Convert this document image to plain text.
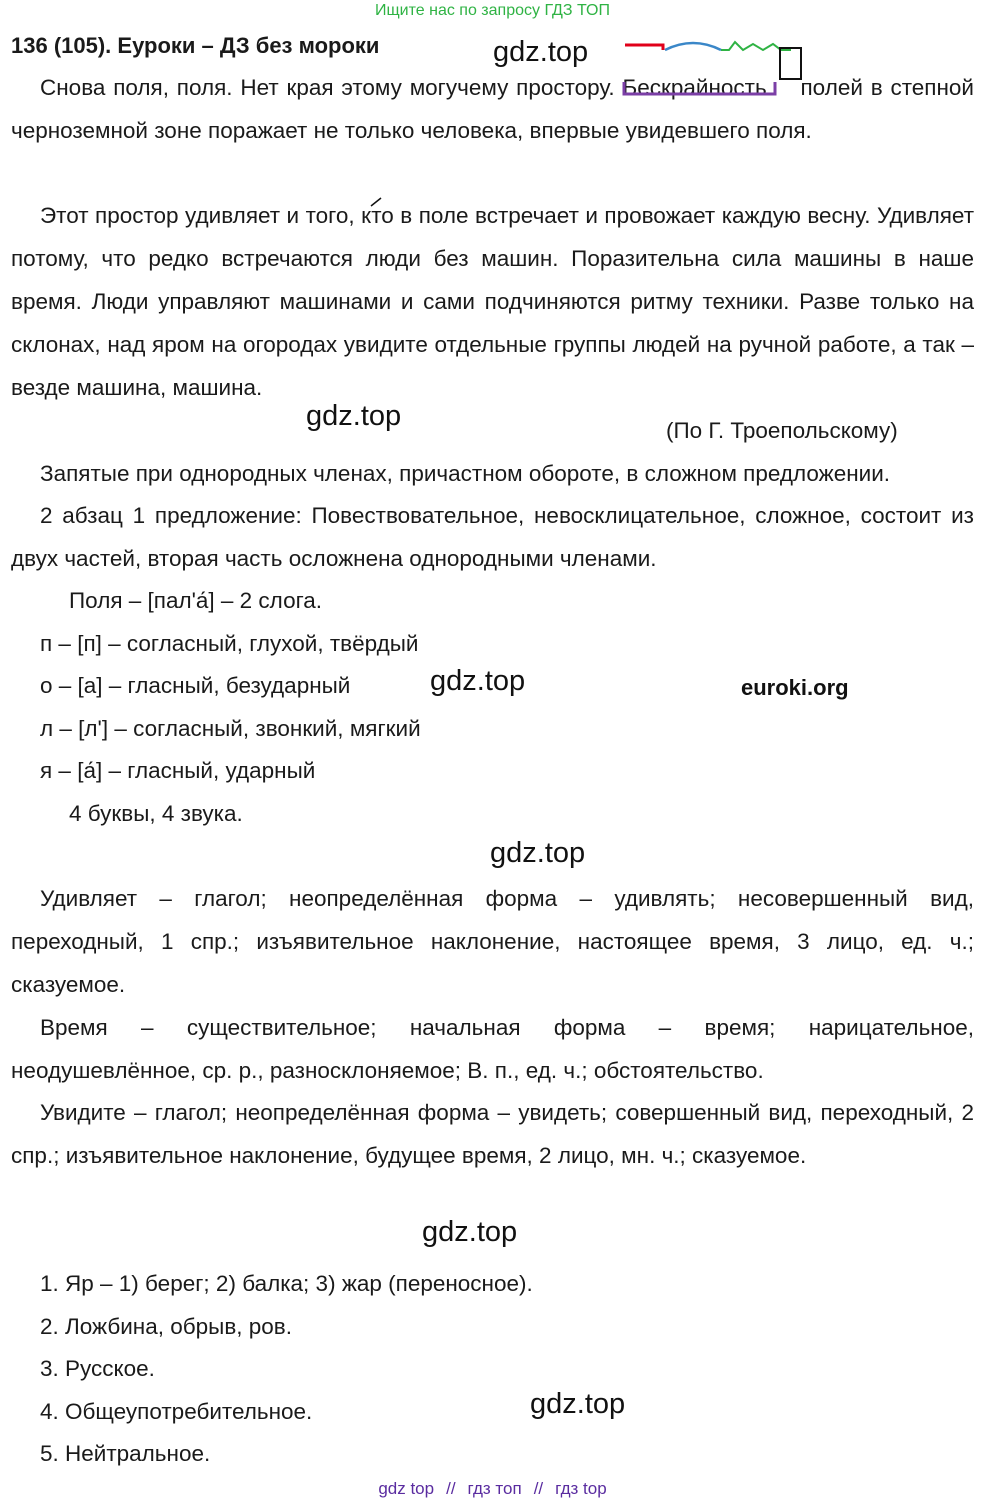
Ищите нас по запросу ГДЗ ТОП
136 (105). Еуроки – ДЗ без мороки	gdz.top
Снова поля, поля. Нет края этому могучему простору. Бескрайность
полей в степной черноземной зоне поражает не только человека, впервые увидевшего поля.
Этот простор удивляет и того, кто в поле встречает и провожает каждую весну. Удивляет потому, что редко встречаются люди без машин. Поразительна сила машины в наше время. Люди управляют машинами и сами подчиняются ритму техники. Разве только на склонах, над яром на огородах увидите отдельные группы людей на ручной работе, а так – везде машина, машина.
gdz.top	(По Г. Троепольскому)
Запятые при однородных членах, причастном обороте, в сложном предложении.
2 абзац 1 предложение: Повествовательное, невосклицательное, сложное, состоит из двух частей, вторая часть осложнена однородными членами.
Поля – [пал'а́] – 2 слога.
п – [п] – согласный, глухой, твёрдый
о – [а] – гласный, безударный	gdz.top	euroki.org
л – [л'] – согласный, звонкий, мягкий
я – [а́] – гласный, ударный
4 буквы, 4 звука.
gdz.top
Удивляет – глагол; неопределённая форма – удивлять; несовершенный вид, переходный, 1 спр.; изъявительное наклонение, настоящее время, 3 лицо, ед. ч.; сказуемое.
Время – существительное; начальная форма – время; нарицательное, неодушевлённое, ср. р., разносклоняемое; В. п., ед. ч.; обстоятельство.
Увидите – глагол; неопределённая форма – увидеть; совершенный вид, переходный, 2 спр.; изъявительное наклонение, будущее время, 2 лицо, мн. ч.; сказуемое.
gdz.top
1. Яр – 1) берег; 2) балка; 3) жар (переносное).
2. Ложбина, обрыв, ров.
3. Русское.
4. Общеупотребительное.	gdz.top
5. Нейтральное.
gdz top // гдз топ // гдз top
